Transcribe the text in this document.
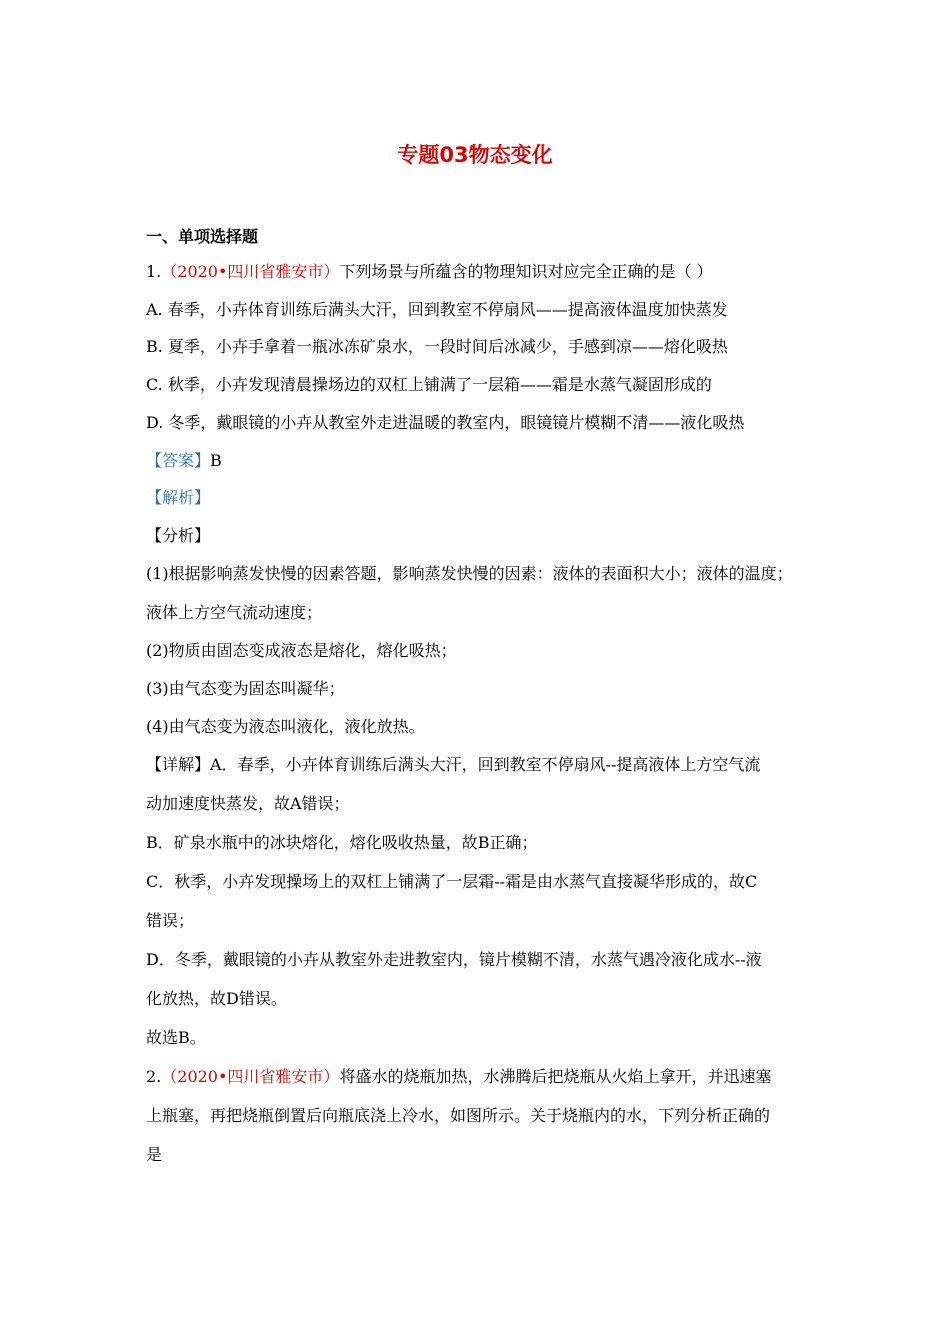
专题03物态变化
一、单项选择题
1.（2020•四川省雅安市）下列场景与所蕴含的物理知识对应完全正确的是（ ）
A. 春季，小卉体育训练后满头大汗，回到教室不停扇风——提高液体温度加快蒸发
B. 夏季，小卉手拿着一瓶冰冻矿泉水，一段时间后冰减少，手感到凉——熔化吸热
C. 秋季，小卉发现清晨操场边的双杠上铺满了一层箱——霜是水蒸气凝固形成的
D. 冬季，戴眼镜的小卉从教室外走进温暖的教室内，眼镜镜片模糊不清——液化吸热
【答案】B
【解析】
【分析】
(1)根据影响蒸发快慢的因素答题，影响蒸发快慢的因素：液体的表面积大小；液体的温度；
液体上方空气流动速度；
(2)物质由固态变成液态是熔化，熔化吸热；
(3)由气态变为固态叫凝华；
(4)由气态变为液态叫液化，液化放热。
【详解】A．春季，小卉体育训练后满头大汗，回到教室不停扇风--提高液体上方空气流
动加速度快蒸发，故A错误；
B．矿泉水瓶中的冰块熔化，熔化吸收热量，故B正确；
C．秋季，小卉发现操场上的双杠上铺满了一层霜--霜是由水蒸气直接凝华形成的，故C
错误；
D．冬季，戴眼镜的小卉从教室外走进教室内，镜片模糊不清，水蒸气遇冷液化成水--液
化放热，故D错误。
故选B。
2.（2020•四川省雅安市）将盛水的烧瓶加热，水沸腾后把烧瓶从火焰上拿开，并迅速塞
上瓶塞，再把烧瓶倒置后向瓶底浇上冷水，如图所示。关于烧瓶内的水，下列分析正确的
是
